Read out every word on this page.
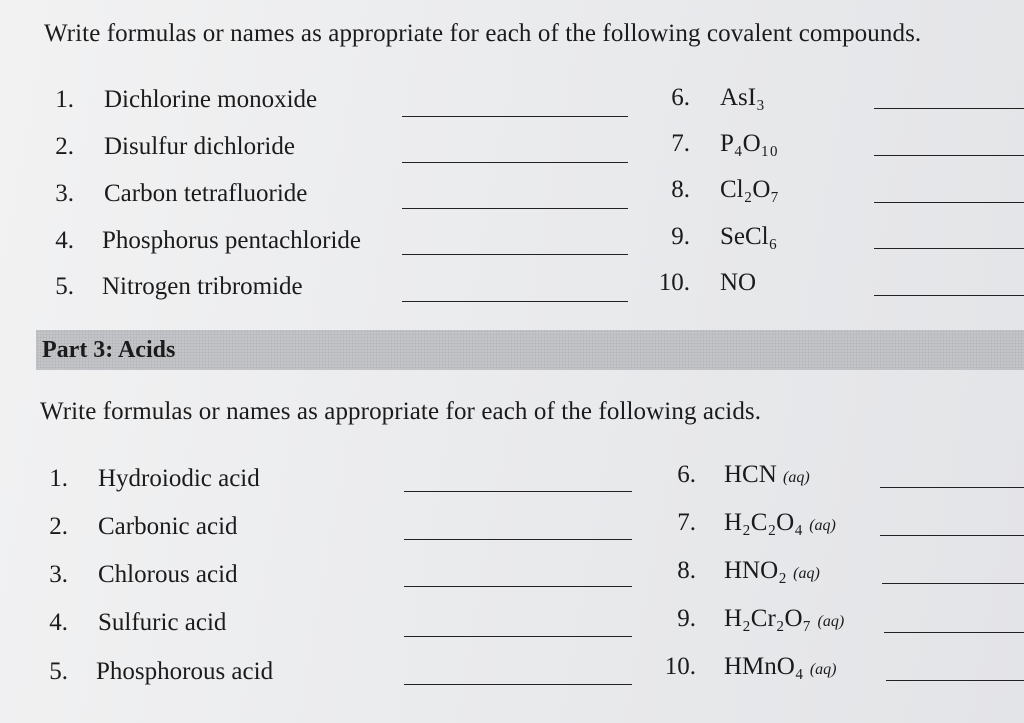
Write formulas or names as appropriate for each of the following covalent compounds.
1. Dichlorine monoxide
2. Disulfur dichloride
3. Carbon tetrafluoride
4. Phosphorus pentachloride
5. Nitrogen tribromide
6. AsI₃
7. P₄O₁₀
8. Cl₂O₇
9. SeCl₆
10. NO
Part 3: Acids
Write formulas or names as appropriate for each of the following acids.
1. Hydroiodic acid
2. Carbonic acid
3. Chlorous acid
4. Sulfuric acid
5. Phosphorous acid
6. HCN (aq)
7. H₂C₂O₄ (aq)
8. HNO₂ (aq)
9. H₂Cr₂O₇ (aq)
10. HMnO₄ (aq)
